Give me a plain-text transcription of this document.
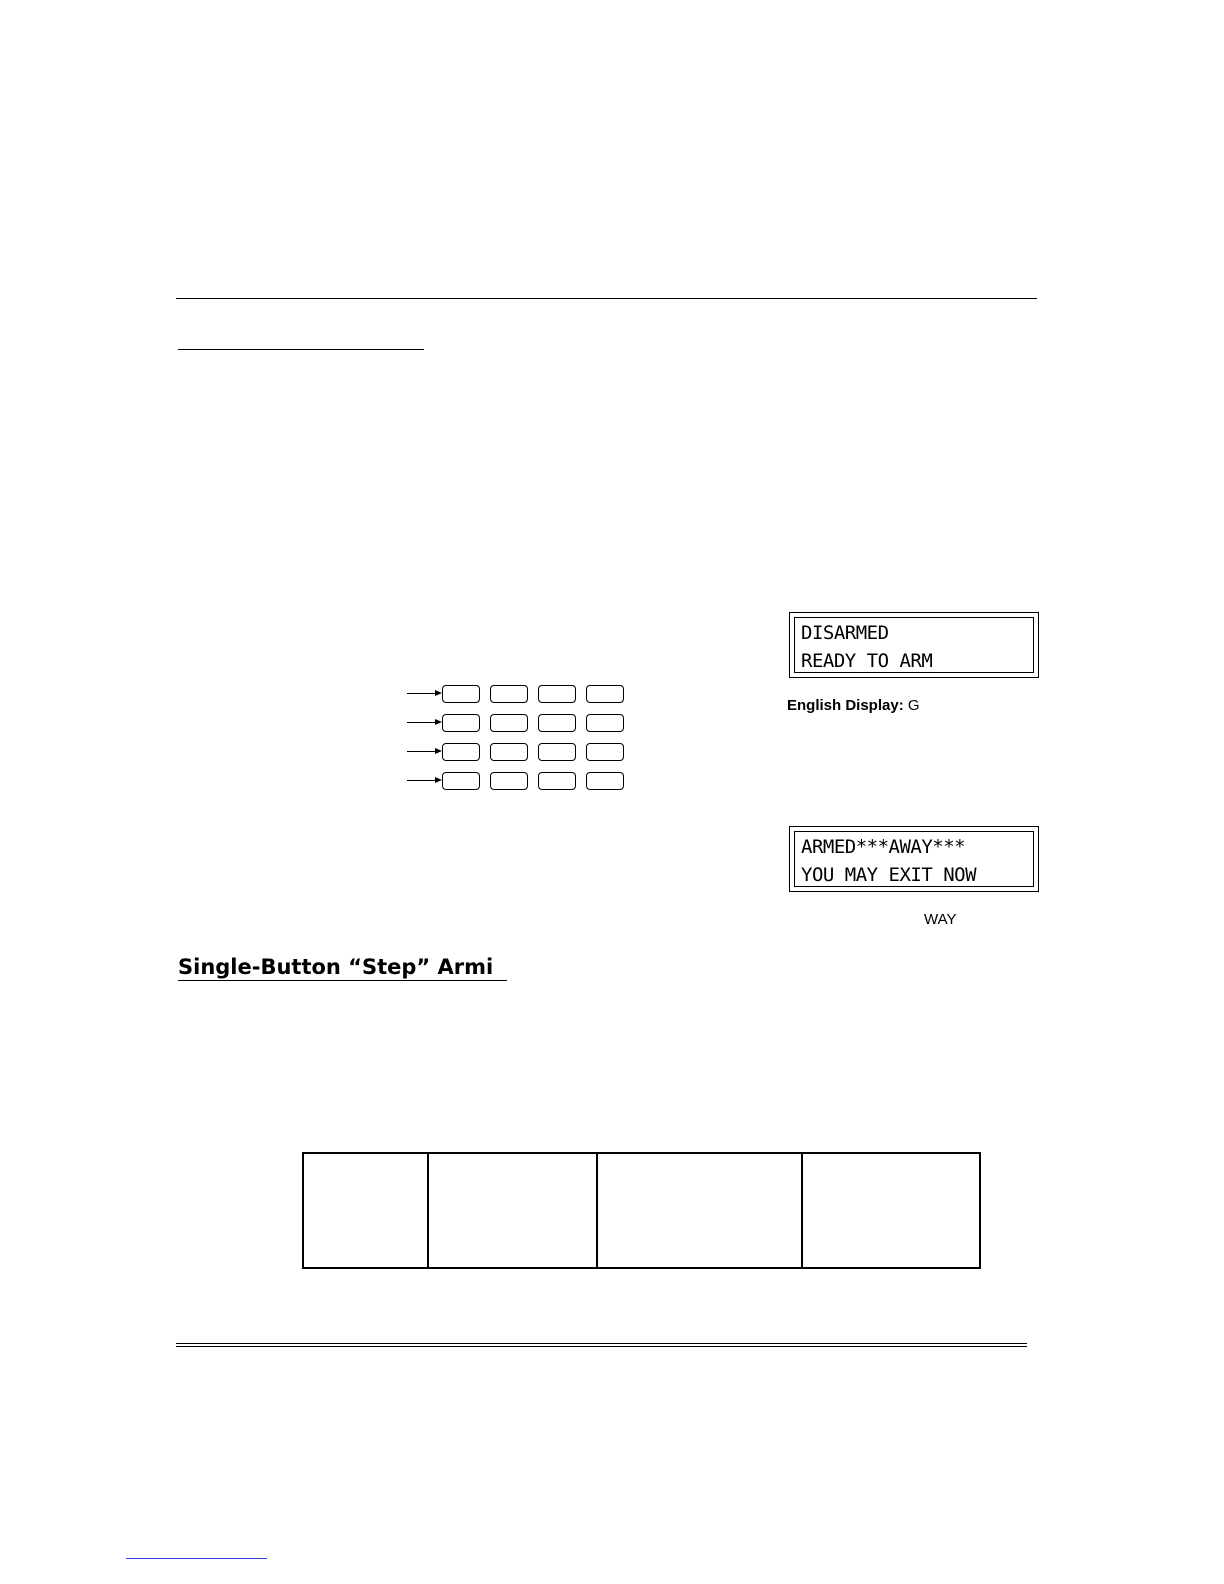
DISARMED
READY TO ARM
English Display: G
ARMED***AWAY***
YOU MAY EXIT NOW
WAY
Single-Button “Step” Armi
